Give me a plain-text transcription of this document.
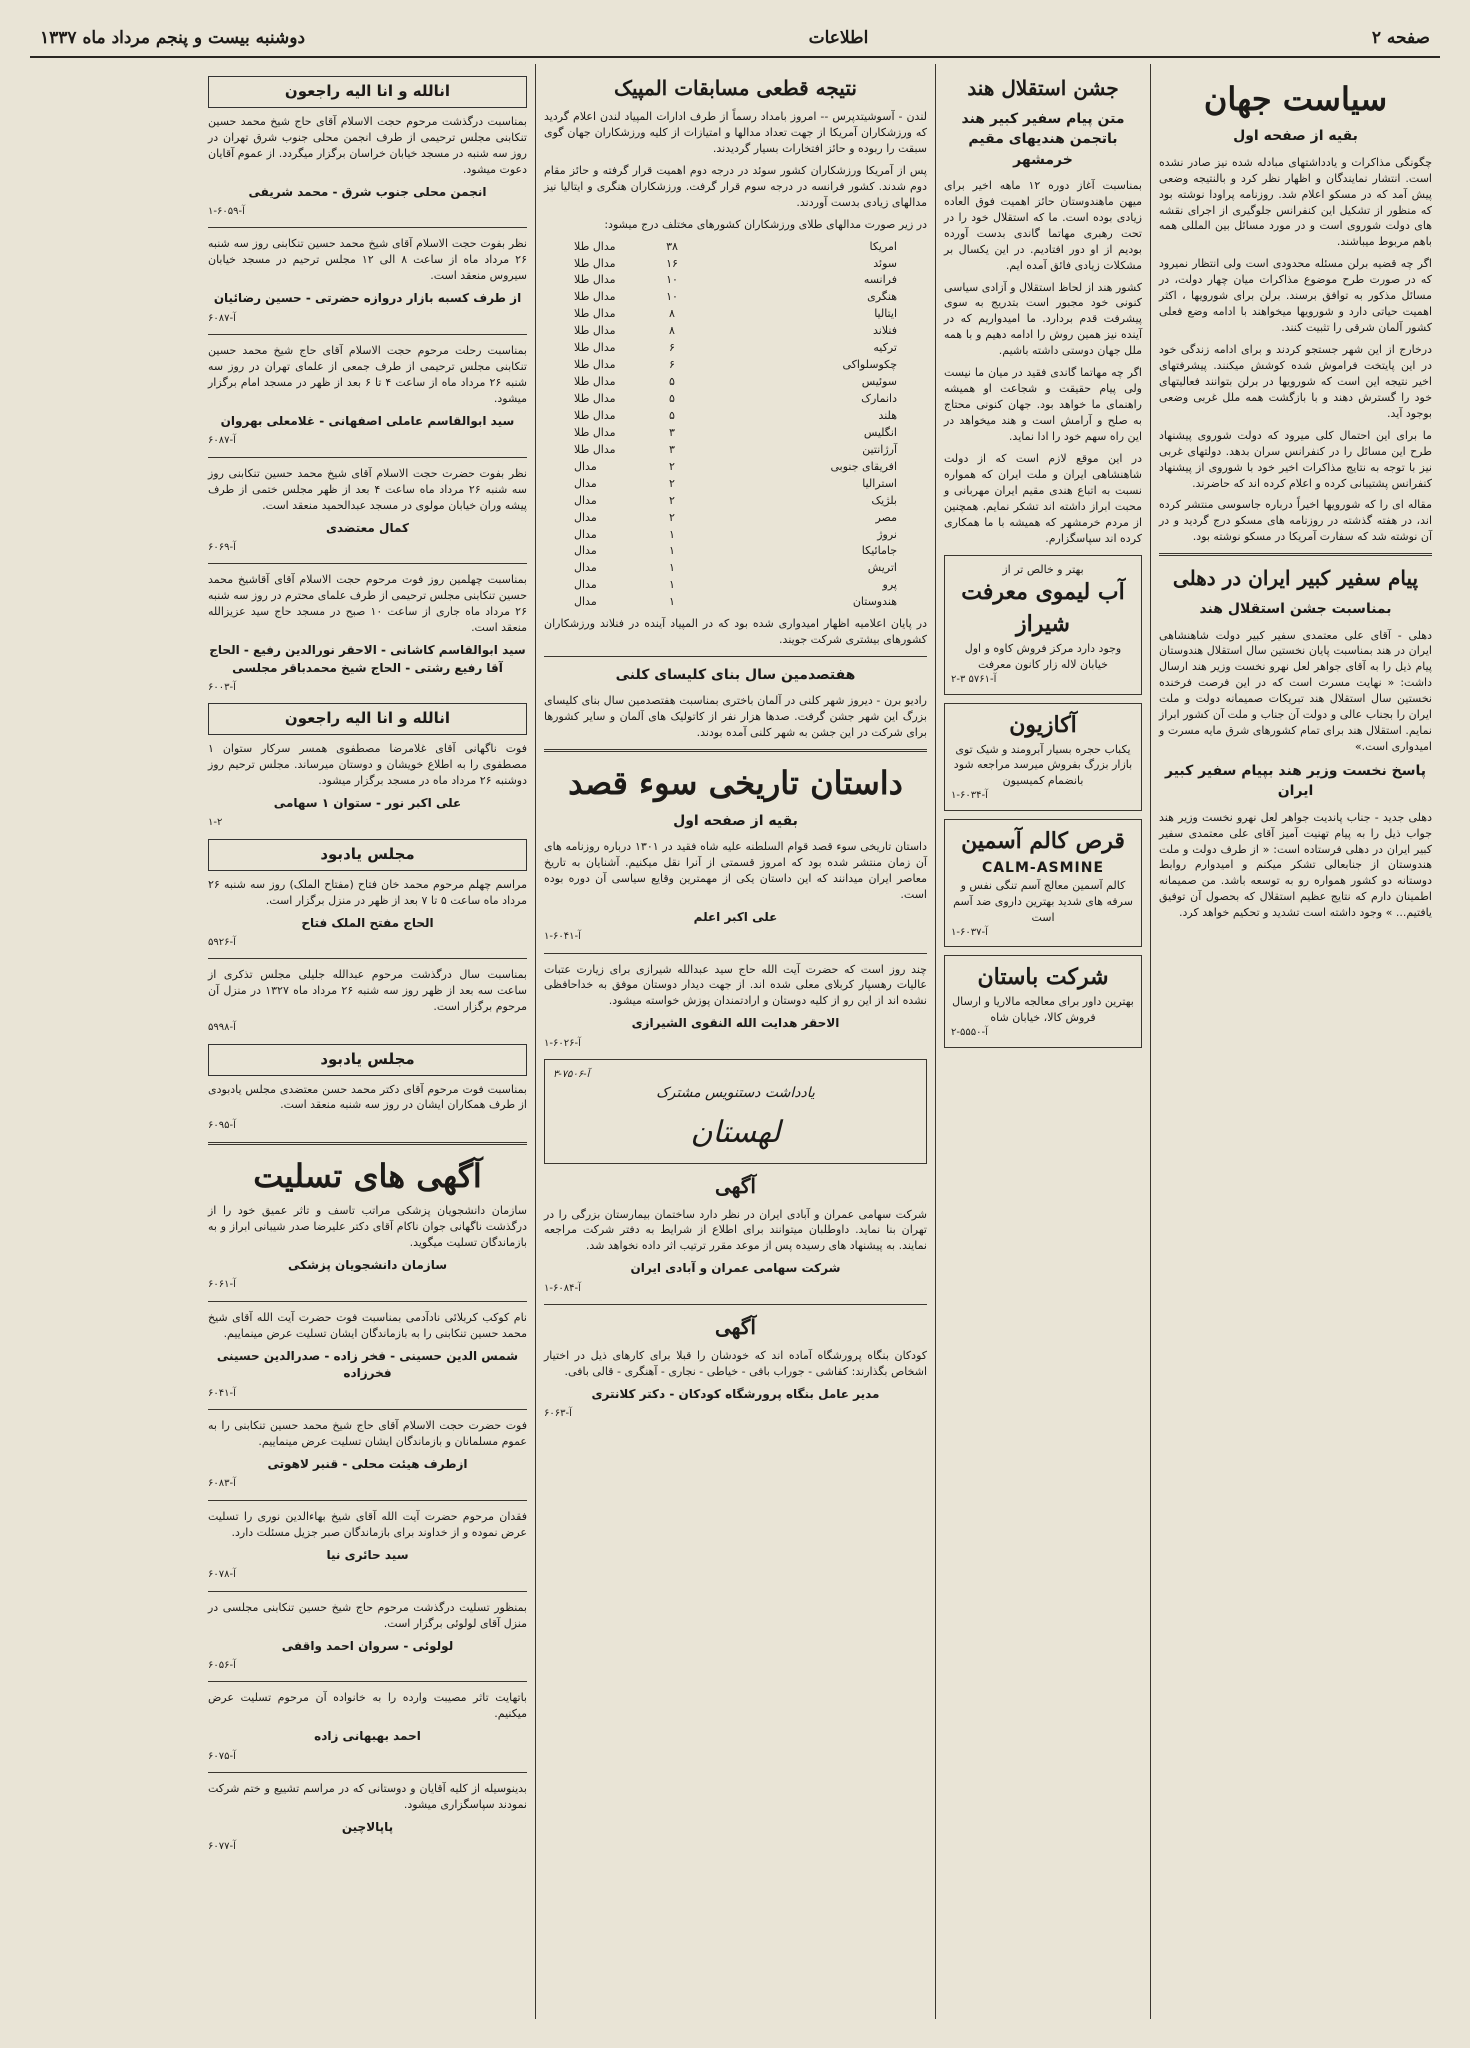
صفحه ۲
اطلاعات
دوشنبه بیست و پنجم مرداد ماه ۱۳۳۷
سیاست جهان
بقیه از صفحه اول

چگونگی مذاکرات و یادداشتهای مبادله شده نیز صادر نشده است. انتشار نمایندگان و اظهار نظر کرد و بالنتیجه وضعی پیش آمد که در مسکو اعلام شد. روزنامه پراودا نوشته بود که منظور از تشکیل این کنفرانس جلوگیری از اجرای نقشه های دولت شوروی است و در مورد مسائل بین المللی همه باهم مربوط میباشند.

اگر چه قضیه برلن مسئله محدودی است ولی انتظار نمیرود که در صورت طرح موضوع مذاکرات میان چهار دولت، در مسائل مذکور به توافق برسند. برلن برای شورویها ، اکثر اهمیت حیاتی دارد و شورویها میخواهند با ادامه وضع فعلی کشور آلمان شرقی را تثبیت کنند.

درخارج از این شهر جستجو کردند و برای ادامه زندگی خود در این پایتخت فراموش شده کوشش میکنند. پیشرفتهای اخیر نتیجه این است که شورویها در برلن بتوانند فعالیتهای خود را گسترش دهند و با بازگشت همه ملل غربی وضعی بوجود آید.

ما برای این احتمال کلی میرود که دولت شوروی پیشنهاد طرح این مسائل را در کنفرانس سران بدهد. دولتهای غربی نیز با توجه به نتایج مذاکرات اخیر خود با شوروی از پیشنهاد کنفرانس پشتیبانی کرده و اعلام کرده اند که حاضرند.

مقاله ای را که شورویها اخیراً درباره جاسوسی منتشر کرده اند، در هفته گذشته در روزنامه های مسکو درج گردید و در آن نوشته شد که سفارت آمریکا در مسکو نوشته بود.

پیام سفیر کبیر ایران در دهلی
بمناسبت جشن استقلال هند

دهلی - آقای علی معتمدی سفیر کبیر دولت شاهنشاهی ایران در هند بمناسبت پایان نخستین سال استقلال هندوستان پیام ذیل را به آقای جواهر لعل نهرو نخست وزیر هند ارسال داشت: « نهایت مسرت است که در این فرصت فرخنده نخستین سال استقلال هند تبریکات صمیمانه دولت و ملت ایران را بجناب عالی و دولت آن جناب و ملت آن کشور ابراز نمایم. استقلال هند برای تمام کشورهای شرق مایه مسرت و امیدواری است.»

پاسخ نخست وزیر هند بپیام سفیر کبیر ایران

دهلی جدید - جناب پاندیت جواهر لعل نهرو نخست وزیر هند جواب ذیل را به پیام تهنیت آمیز آقای علی معتمدی سفیر کبیر ایران در دهلی فرستاده است: « از طرف دولت و ملت هندوستان از جنابعالی تشکر میکنم و امیدوارم روابط دوستانه دو کشور همواره رو به توسعه باشد. من صمیمانه اطمینان دارم که نتایج عظیم استقلال که بحصول آن توفیق یافتیم... » وجود داشته است تشدید و تحکیم خواهد کرد.

جشن استقلال هند
متن پیام سفیر کبیر هند باتجمن هندیهای مقیم خرمشهر

بمناسبت آغاز دوره ۱۲ ماهه اخیر برای میهن ماهندوستان حائز اهمیت فوق العاده زیادی بوده است. ما که استقلال خود را در تحت رهبری مهاتما گاندی بدست آورده بودیم از او دور افتادیم. در این یکسال بر مشکلات زیادی فائق آمده ایم.

کشور هند از لحاظ استقلال و آزادی سیاسی کنونی خود مجبور است بتدریج به سوی پیشرفت قدم بردارد. ما امیدواریم که در آینده نیز همین روش را ادامه دهیم و با همه ملل جهان دوستی داشته باشیم.

اگر چه مهاتما گاندی فقید در میان ما نیست ولی پیام حقیقت و شجاعت او همیشه راهنمای ما خواهد بود. جهان کنونی محتاج به صلح و آرامش است و هند میخواهد در این راه سهم خود را ادا نماید.

در این موقع لازم است که از دولت شاهنشاهی ایران و ملت ایران که همواره نسبت به اتباع هندی مقیم ایران مهربانی و محبت ابراز داشته اند تشکر نمایم. همچنین از مردم خرمشهر که همیشه با ما همکاری کرده اند سپاسگزارم.

بهتر و خالص تر از
آب لیموی معرفت شیراز
وجود دارد مرکز فروش کاوه و اول خیابان لاله زار کانون معرفت
۲-۳ آ-۵۷۶۱
آکازیون
یکباب حجره بسیار آبرومند و شیک توی بازار بزرگ بفروش میرسد مراجعه شود بانضمام کمیسیون
آ-۶۰۳۴-۱
قرص کالم آسمین
CALM-ASMINE
کالم آسمین معالج آسم تنگی نفس و سرفه های شدید بهترین داروی ضد آسم است
آ-۶۰۳۷-۱
شرکت باستان
بهترین داور برای معالجه مالاریا و ارسال فروش کالا، خیابان شاه
آ-۵۵۵۰-۲
نتیجه قطعی مسابقات المپیک

لندن - آسوشیتدپرس -- امروز بامداد رسماً از طرف ادارات المپیاد لندن اعلام گردید که ورزشکاران آمریکا از جهت تعداد مدالها و امتیازات از کلیه ورزشکاران جهان گوی سبقت را ربوده و حائز افتخارات بسیار گردیدند.

پس از آمریکا ورزشکاران کشور سوئد در درجه دوم اهمیت قرار گرفته و حائز مقام دوم شدند. کشور فرانسه در درجه سوم قرار گرفت. ورزشکاران هنگری و ایتالیا نیز مدالهای زیادی بدست آوردند.

در زیر صورت مدالهای طلای ورزشکاران کشورهای مختلف درج میشود:

امریکا
۳۸
مدال طلا
سوئد
۱۶
مدال طلا
فرانسه
۱۰
مدال طلا
هنگری
۱۰
مدال طلا
ایتالیا
۸
مدال طلا
فنلاند
۸
مدال طلا
ترکیه
۶
مدال طلا
چکوسلواکی
۶
مدال طلا
سوئیس
۵
مدال طلا
دانمارک
۵
مدال طلا
هلند
۵
مدال طلا
انگلیس
۳
مدال طلا
آرژانتین
۳
مدال طلا
افریقای جنوبی
۲
مدال
استرالیا
۲
مدال
بلژیک
۲
مدال
مصر
۲
مدال
نروژ
۱
مدال
جامائیکا
۱
مدال
اتریش
۱
مدال
پرو
۱
مدال
هندوستان
۱
مدال

در پایان اعلامیه اظهار امیدواری شده بود که در المپیاد آینده در فنلاند ورزشکاران کشورهای بیشتری شرکت جویند.

هفتصدمین سال بنای کلیسای کلنی

رادیو برن - دیروز شهر کلنی در آلمان باختری بمناسبت هفتصدمین سال بنای کلیسای بزرگ این شهر جشن گرفت. صدها هزار نفر از کاتولیک های آلمان و سایر کشورها برای شرکت در این جشن به شهر کلنی آمده بودند.

داستان تاریخی سوء قصد
بقیه از صفحه اول

داستان تاریخی سوء قصد قوام السلطنه علیه شاه فقید در ۱۳۰۱ درباره روزنامه های آن زمان منتشر شده بود که امروز قسمتی از آنرا نقل میکنیم. آشنایان به تاریخ معاصر ایران میدانند که این داستان یکی از مهمترین وقایع سیاسی آن دوره بوده است.

علی اکبر اعلم
آ-۶۰۴۱-۱

چند روز است که حضرت آیت الله حاج سید عبدالله شیرازی برای زیارت عتبات عالیات رهسپار کربلای معلی شده اند. از جهت دیدار دوستان موفق به خداحافظی نشده اند از این رو از کلیه دوستان و ارادتمندان پوزش خواسته میشود.

الاحقر هدایت الله النقوی الشیرازی
آ-۶۰۲۶-۱
۳-۷۵۰۶-آ
یادداشت دستنویس مشترک
لهستان
آگهی

شرکت سهامی عمران و آبادی ایران در نظر دارد ساختمان بیمارستان بزرگی را در تهران بنا نماید. داوطلبان میتوانند برای اطلاع از شرایط به دفتر شرکت مراجعه نمایند. به پیشنهاد های رسیده پس از موعد مقرر ترتیب اثر داده نخواهد شد.

شرکت سهامی عمران و آبادی ایران
آ-۶۰۸۴-۱
آگهی

کودکان بنگاه پرورشگاه آماده اند که خودشان را قبلا برای کارهای ذیل در اختیار اشخاص بگذارند: کفاشی - جوراب بافی - خیاطی - نجاری - آهنگری - قالی بافی.

مدیر عامل بنگاه پرورشگاه کودکان - دکتر کلانتری
آ-۶۰۶۳
انالله و انا الیه راجعون

بمناسبت درگذشت مرحوم حجت الاسلام آقای حاج شیخ محمد حسین تنکابنی مجلس ترحیمی از طرف انجمن محلی جنوب شرق تهران در روز سه شنبه در مسجد خیابان خراسان برگزار میگردد. از عموم آقایان دعوت میشود.

انجمن محلی جنوب شرق - محمد شریفی
آ-۶۰۵۹-۱

نظر بفوت حجت الاسلام آقای شیخ محمد حسین تنکابنی روز سه شنبه ۲۶ مرداد ماه از ساعت ۸ الی ۱۲ مجلس ترحیم در مسجد خیابان سیروس منعقد است.

از طرف کسبه بازار دروازه حضرتی - حسین رضائیان
آ-۶۰۸۷

بمناسبت رحلت مرحوم حجت الاسلام آقای حاج شیخ محمد حسین تنکابنی مجلس ترحیمی از طرف جمعی از علمای تهران در روز سه شنبه ۲۶ مرداد ماه از ساعت ۴ تا ۶ بعد از ظهر در مسجد امام برگزار میشود.

سید ابوالقاسم عاملی اصفهانی - غلامعلی بهروان
آ-۶۰۸۷

نظر بفوت حضرت حجت الاسلام آقای شیخ محمد حسین تنکابنی روز سه شنبه ۲۶ مرداد ماه ساعت ۴ بعد از ظهر مجلس ختمی از طرف پیشه وران خیابان مولوی در مسجد عبدالحمید منعقد است.

کمال معتضدی
آ-۶۰۶۹

بمناسبت چهلمین روز فوت مرحوم حجت الاسلام آقای آقاشیخ محمد حسین تنکابنی مجلس ترحیمی از طرف علمای محترم در روز سه شنبه ۲۶ مرداد ماه جاری از ساعت ۱۰ صبح در مسجد حاج سید عزیزالله منعقد است.

سید ابوالقاسم کاشانی - الاحقر نورالدین رفیع - الحاج آقا رفیع رشتی - الحاج شیخ محمدباقر مجلسی
آ-۶۰۰۳
انالله و انا الیه راجعون

فوت ناگهانی آقای غلامرضا مصطفوی همسر سرکار ستوان ۱ مصطفوی را به اطلاع خویشان و دوستان میرساند. مجلس ترحیم روز دوشنبه ۲۶ مرداد ماه در مسجد برگزار میشود.

علی اکبر نور - ستوان ۱ سهامی
۱-۲
مجلس یادبود

مراسم چهلم مرحوم محمد خان فتاح (مفتاح الملک) روز سه شنبه ۲۶ مرداد ماه ساعت ۵ تا ۷ بعد از ظهر در منزل برگزار است.

الحاج مفتح الملک فتاح
آ-۵۹۲۶

بمناسبت سال درگذشت مرحوم عبدالله جلیلی مجلس تذکری از ساعت سه بعد از ظهر روز سه شنبه ۲۶ مرداد ماه ۱۳۲۷ در منزل آن مرحوم برگزار است.

آ-۵۹۹۸
مجلس یادبود

بمناسبت فوت مرحوم آقای دکتر محمد حسن معتضدی مجلس یادبودی از طرف همکاران ایشان در روز سه شنبه منعقد است.

آ-۶۰۹۵
آگهی های تسلیت

سازمان دانشجویان پزشکی مراتب تاسف و تاثر عمیق خود را از درگذشت ناگهانی جوان ناکام آقای دکتر علیرضا صدر شیبانی ابراز و به بازماندگان تسلیت میگوید.

سازمان دانشجویان پزشکی
آ-۶۰۶۱

نام کوکب کربلائی نادآدمی بمناسبت فوت حضرت آیت الله آقای شیخ محمد حسین تنکابنی را به بازماندگان ایشان تسلیت عرض مینماییم.

شمس الدین حسینی - فخر زاده - صدرالدین حسینی فخرزاده
آ-۶۰۴۱

فوت حضرت حجت الاسلام آقای حاج شیخ محمد حسین تنکابنی را به عموم مسلمانان و بازماندگان ایشان تسلیت عرض مینماییم.

ازطرف هیئت محلی - قنبر لاهوتی
آ-۶۰۸۳

فقدان مرحوم حضرت آیت الله آقای شیخ بهاءالدین نوری را تسلیت عرض نموده و از خداوند برای بازماندگان صبر جزیل مسئلت دارد.

سید حائری نیا
آ-۶۰۷۸

بمنظور تسلیت درگذشت مرحوم حاج شیخ حسین تنکابنی مجلسی در منزل آقای لولوئی برگزار است.

لولوئی - سروان احمد واقفی
آ-۶۰۵۶

باتهایت تاثر مصیبت وارده را به خانواده آن مرحوم تسلیت عرض میکنیم.

احمد بهبهانی زاده
آ-۶۰۷۵

بدینوسیله از کلیه آقایان و دوستانی که در مراسم تشییع و ختم شرکت نمودند سپاسگزاری میشود.

پاپالاچین
آ-۶۰۷۷
